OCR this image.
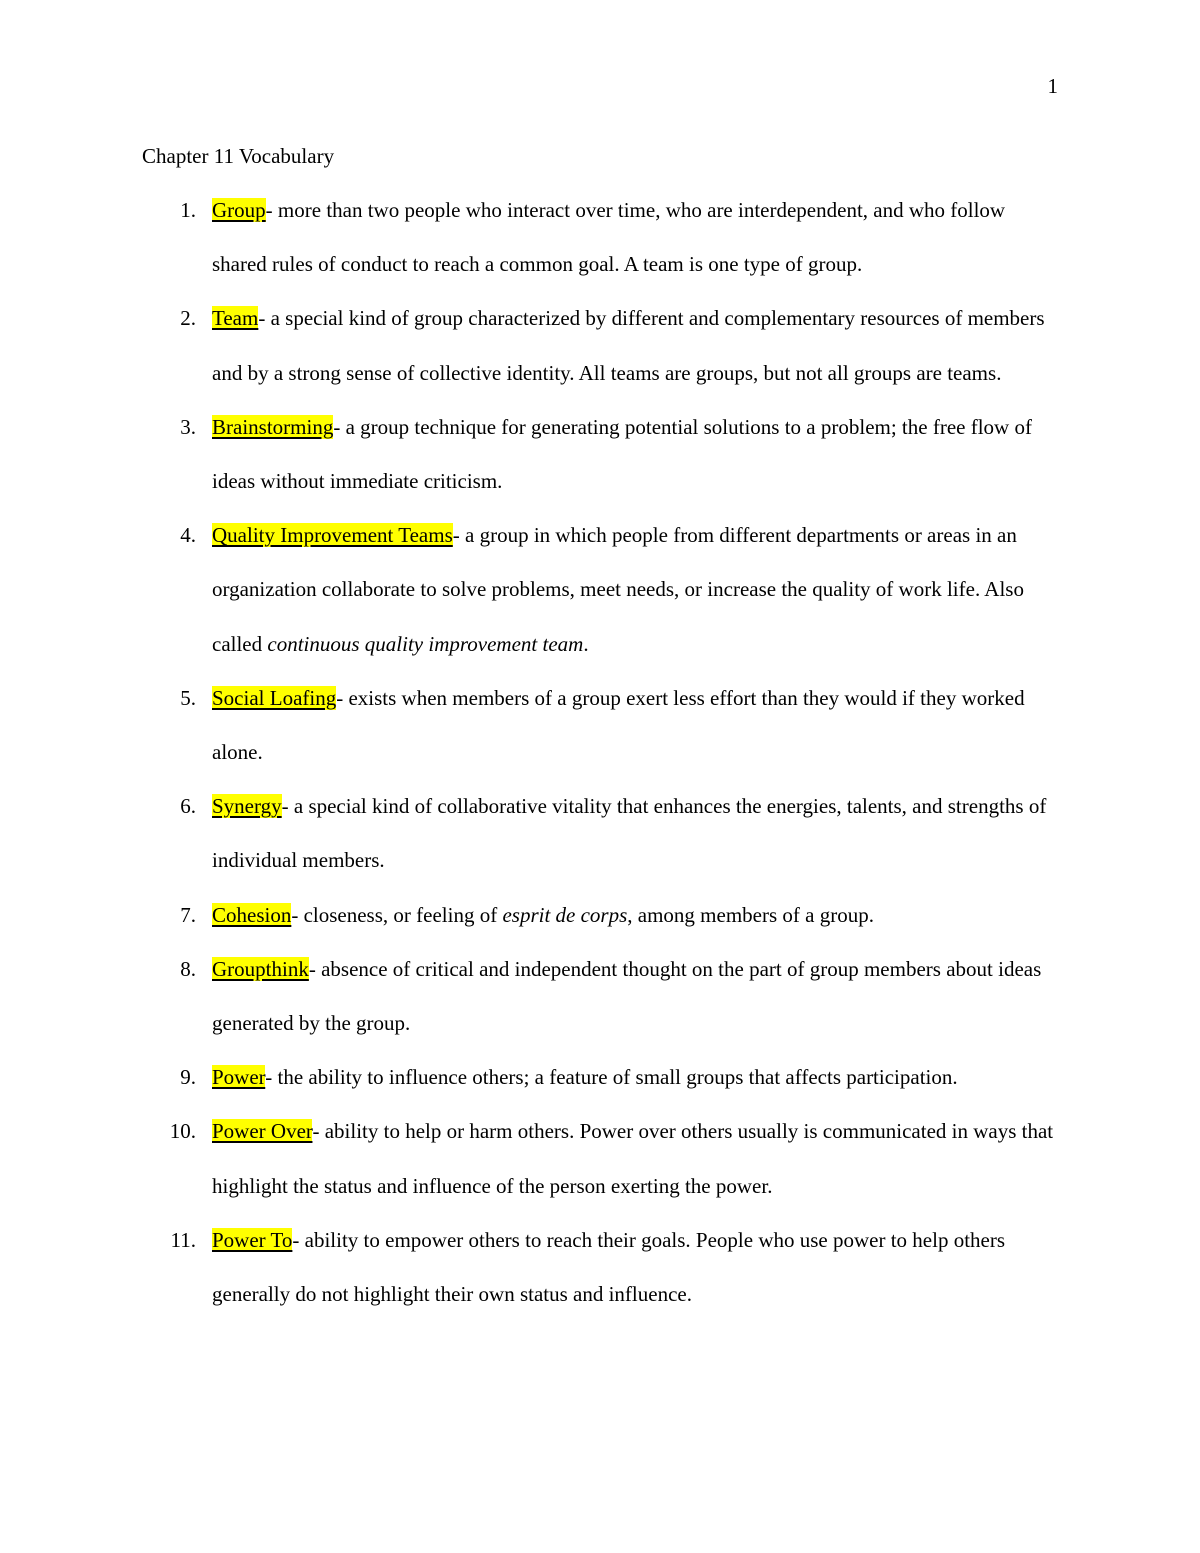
1
Chapter 11 Vocabulary
1. Group- more than two people who interact over time, who are interdependent, and who follow shared rules of conduct to reach a common goal. A team is one type of group.
2. Team- a special kind of group characterized by different and complementary resources of members and by a strong sense of collective identity. All teams are groups, but not all groups are teams.
3. Brainstorming- a group technique for generating potential solutions to a problem; the free flow of ideas without immediate criticism.
4. Quality Improvement Teams- a group in which people from different departments or areas in an organization collaborate to solve problems, meet needs, or increase the quality of work life. Also called continuous quality improvement team.
5. Social Loafing- exists when members of a group exert less effort than they would if they worked alone.
6. Synergy- a special kind of collaborative vitality that enhances the energies, talents, and strengths of individual members.
7. Cohesion- closeness, or feeling of esprit de corps, among members of a group.
8. Groupthink- absence of critical and independent thought on the part of group members about ideas generated by the group.
9. Power- the ability to influence others; a feature of small groups that affects participation.
10. Power Over- ability to help or harm others. Power over others usually is communicated in ways that highlight the status and influence of the person exerting the power.
11. Power To- ability to empower others to reach their goals. People who use power to help others generally do not highlight their own status and influence.
